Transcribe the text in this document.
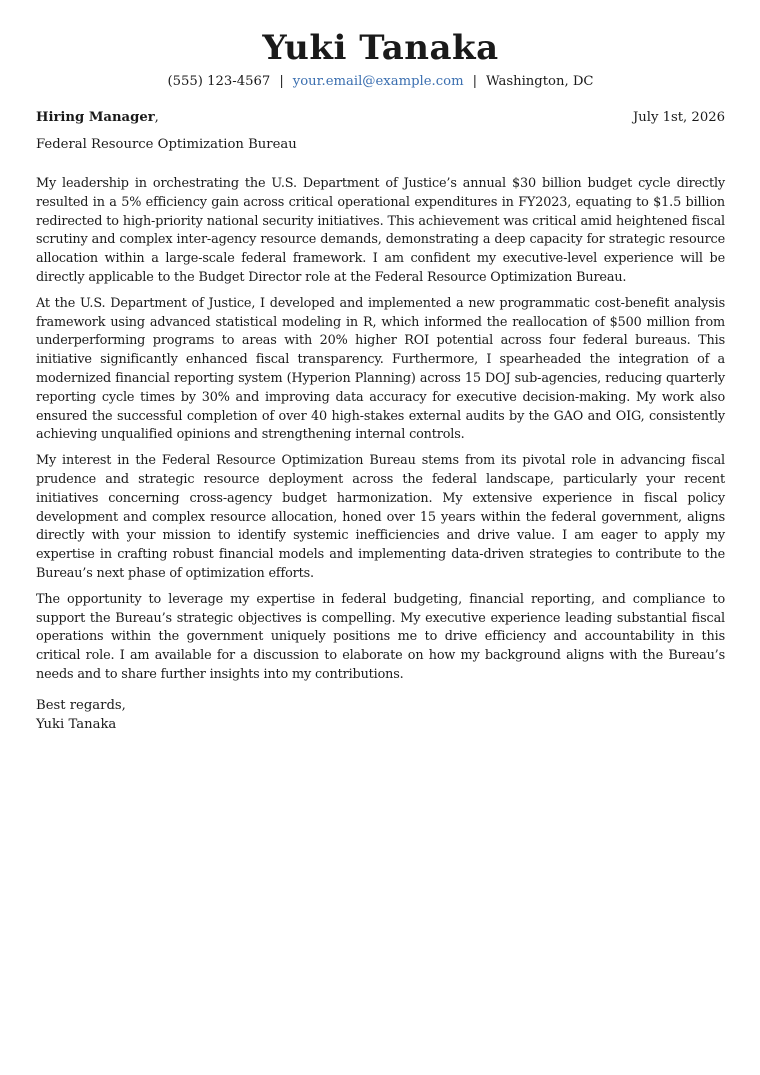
Yuki Tanaka
(555) 123-4567 | your.email@example.com | Washington, DC
Hiring Manager,	July 1st, 2026
Federal Resource Optimization Bureau

My leadership in orchestrating the U.S. Department of Justice’s annual $30 billion budget cycle directly resulted in a 5% efficiency gain across critical operational expenditures in FY2023, equating to $1.5 billion redirected to high-priority national security initiatives. This achievement was critical amid heightened fiscal scrutiny and complex inter-agency resource demands, demonstrating a deep capacity for strategic resource allocation within a large-scale federal framework. I am confident my executive-level experience will be directly applicable to the Budget Director role at the Federal Resource Optimization Bureau.

At the U.S. Department of Justice, I developed and implemented a new programmatic cost-benefit analysis framework using advanced statistical modeling in R, which informed the reallocation of $500 million from underperforming programs to areas with 20% higher ROI potential across four federal bureaus. This initiative significantly enhanced fiscal transparency. Furthermore, I spearheaded the integration of a modernized financial reporting system (Hyperion Planning) across 15 DOJ sub-agencies, reducing quarterly reporting cycle times by 30% and improving data accuracy for executive decision-making. My work also ensured the successful completion of over 40 high-stakes external audits by the GAO and OIG, consistently achieving unqualified opinions and strengthening internal controls.

My interest in the Federal Resource Optimization Bureau stems from its pivotal role in advancing fiscal prudence and strategic resource deployment across the federal landscape, particularly your recent initiatives concerning cross-agency budget harmonization. My extensive experience in fiscal policy development and complex resource allocation, honed over 15 years within the federal government, aligns directly with your mission to identify systemic inefficiencies and drive value. I am eager to apply my expertise in crafting robust financial models and implementing data-driven strategies to contribute to the Bureau’s next phase of optimization efforts.

The opportunity to leverage my expertise in federal budgeting, financial reporting, and compliance to support the Bureau’s strategic objectives is compelling. My executive experience leading substantial fiscal operations within the government uniquely positions me to drive efficiency and accountability in this critical role. I am available for a discussion to elaborate on how my background aligns with the Bureau’s needs and to share further insights into my contributions.

Best regards,
Yuki Tanaka
